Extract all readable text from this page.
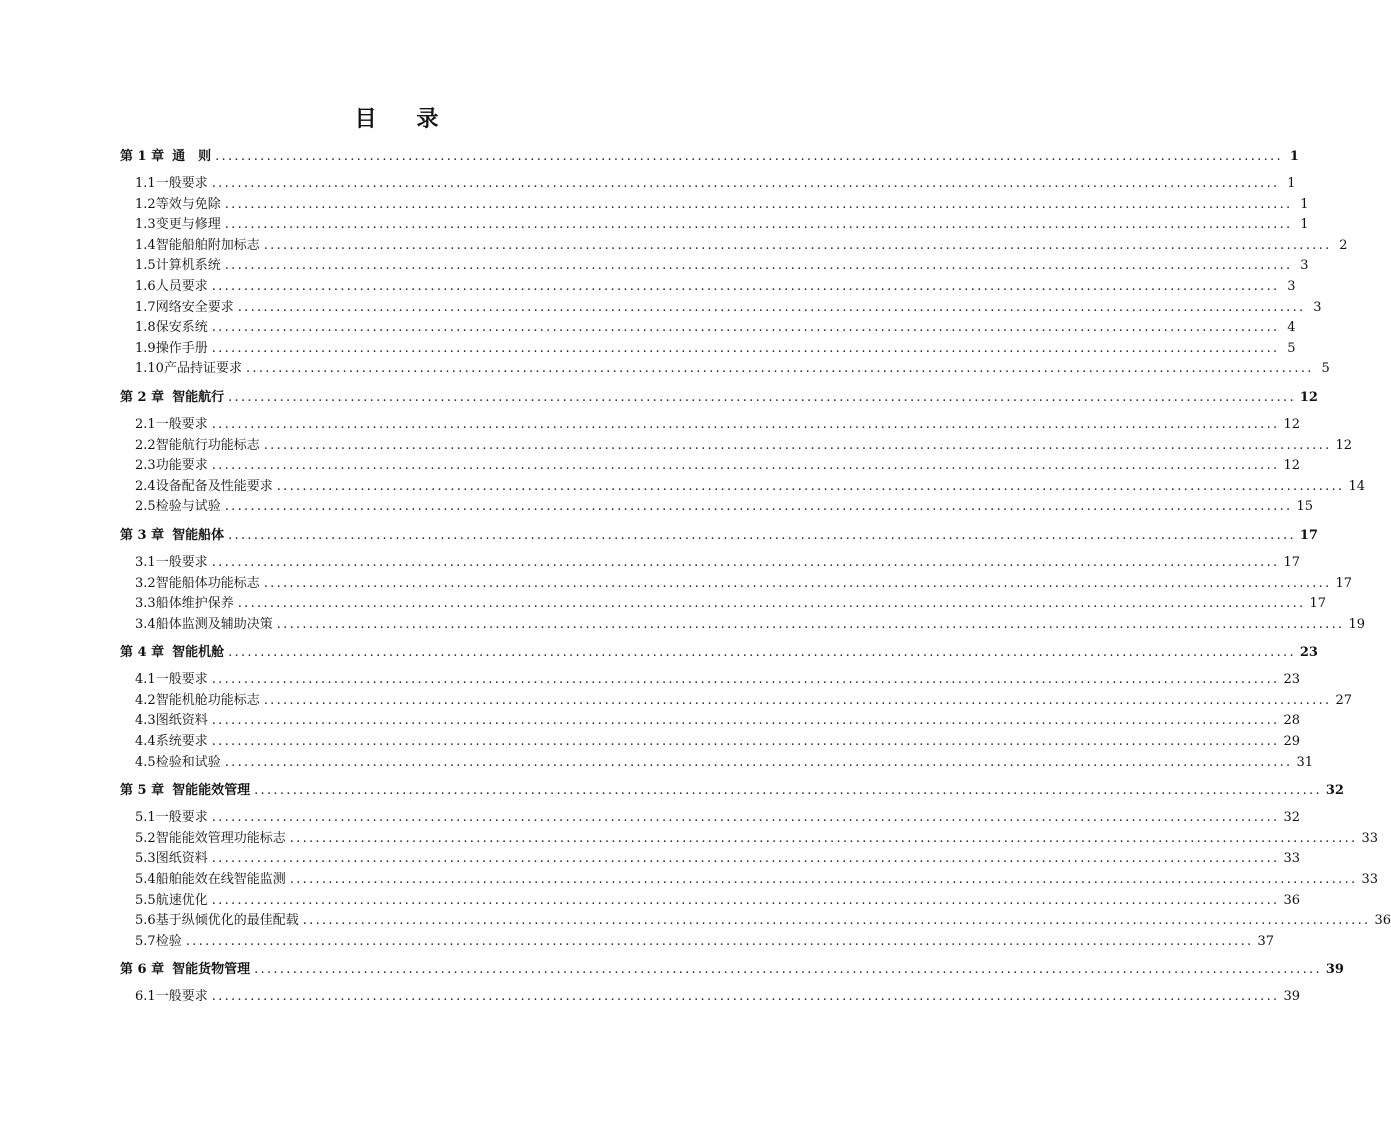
目 录
第 1 章 通　则 ...................................................................................................................................................................... 1
1.1 一般要求 ...................................................................................................................................................................... 1
1.2 等效与免除 ...................................................................................................................................................................... 1
1.3 变更与修理 ...................................................................................................................................................................... 1
1.4 智能船舶附加标志 ...................................................................................................................................................................... 2
1.5 计算机系统 ...................................................................................................................................................................... 3
1.6 人员要求 ...................................................................................................................................................................... 3
1.7 网络安全要求 ...................................................................................................................................................................... 3
1.8 保安系统 ...................................................................................................................................................................... 4
1.9 操作手册 ...................................................................................................................................................................... 5
1.10 产品持证要求 ...................................................................................................................................................................... 5
第 2 章 智能航行 ...................................................................................................................................................................... 12
2.1 一般要求 ...................................................................................................................................................................... 12
2.2 智能航行功能标志 ...................................................................................................................................................................... 12
2.3 功能要求 ...................................................................................................................................................................... 12
2.4 设备配备及性能要求 ...................................................................................................................................................................... 14
2.5 检验与试验 ...................................................................................................................................................................... 15
第 3 章 智能船体 ...................................................................................................................................................................... 17
3.1 一般要求 ...................................................................................................................................................................... 17
3.2 智能船体功能标志 ...................................................................................................................................................................... 17
3.3 船体维护保养 ...................................................................................................................................................................... 17
3.4 船体监测及辅助决策 ...................................................................................................................................................................... 19
第 4 章 智能机舱 ...................................................................................................................................................................... 23
4.1 一般要求 ...................................................................................................................................................................... 23
4.2 智能机舱功能标志 ...................................................................................................................................................................... 27
4.3 图纸资料 ...................................................................................................................................................................... 28
4.4 系统要求 ...................................................................................................................................................................... 29
4.5 检验和试验 ...................................................................................................................................................................... 31
第 5 章 智能能效管理 ...................................................................................................................................................................... 32
5.1 一般要求 ...................................................................................................................................................................... 32
5.2 智能能效管理功能标志 ...................................................................................................................................................................... 33
5.3 图纸资料 ...................................................................................................................................................................... 33
5.4 船舶能效在线智能监测 ...................................................................................................................................................................... 33
5.5 航速优化 ...................................................................................................................................................................... 36
5.6 基于纵倾优化的最佳配载 ...................................................................................................................................................................... 36
5.7 检验 ...................................................................................................................................................................... 37
第 6 章 智能货物管理 ...................................................................................................................................................................... 39
6.1 一般要求 ...................................................................................................................................................................... 39
